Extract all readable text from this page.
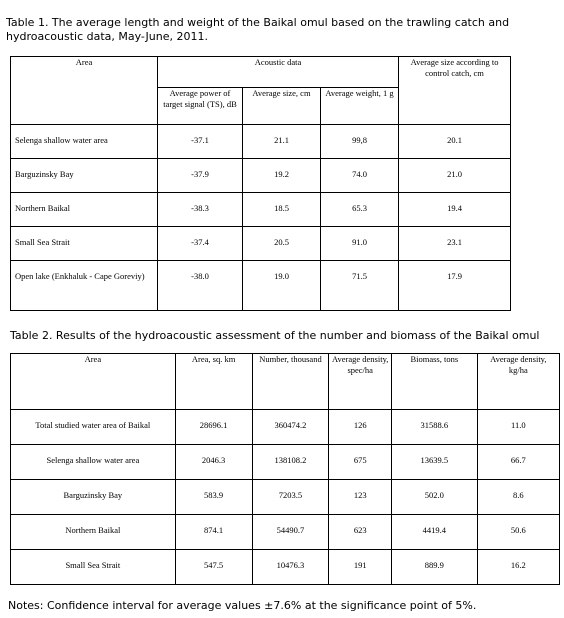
Table 1. The average length and weight of the Baikal omul based on the trawling catch and hydroacoustic data, May-June, 2011.
Area	Acoustic data			Average size according to control catch, cm
	Average power of target signal (TS), dB	Average size, cm	Average weight, 1 g	
Selenga shallow water area	-37.1	21.1	99,8	20.1
Barguzinsky Bay	-37.9	19.2	74.0	21.0
Northern Baikal	-38.3	18.5	65.3	19.4
Small Sea Strait	-37.4	20.5	91.0	23.1
Open lake (Enkhaluk - Cape Goreviy)	-38.0	19.0	71.5	17.9
Table 2. Results of the hydroacoustic assessment of the number and biomass of the Baikal omul
Area	Area, sq. km	Number, thousand	Average density, spec/ha	Biomass, tons	Average density, kg/ha
Total studied water area of Baikal	28696.1	360474.2	126	31588.6	11.0
Selenga shallow water area	2046.3	138108.2	675	13639.5	66.7
Barguzinsky Bay	583.9	7203.5	123	502.0	8.6
Northern Baikal	874.1	54490.7	623	4419.4	50.6
Small Sea Strait	547.5	10476.3	191	889.9	16.2
Notes: Confidence interval for average values ±7.6% at the significance point of 5%.
